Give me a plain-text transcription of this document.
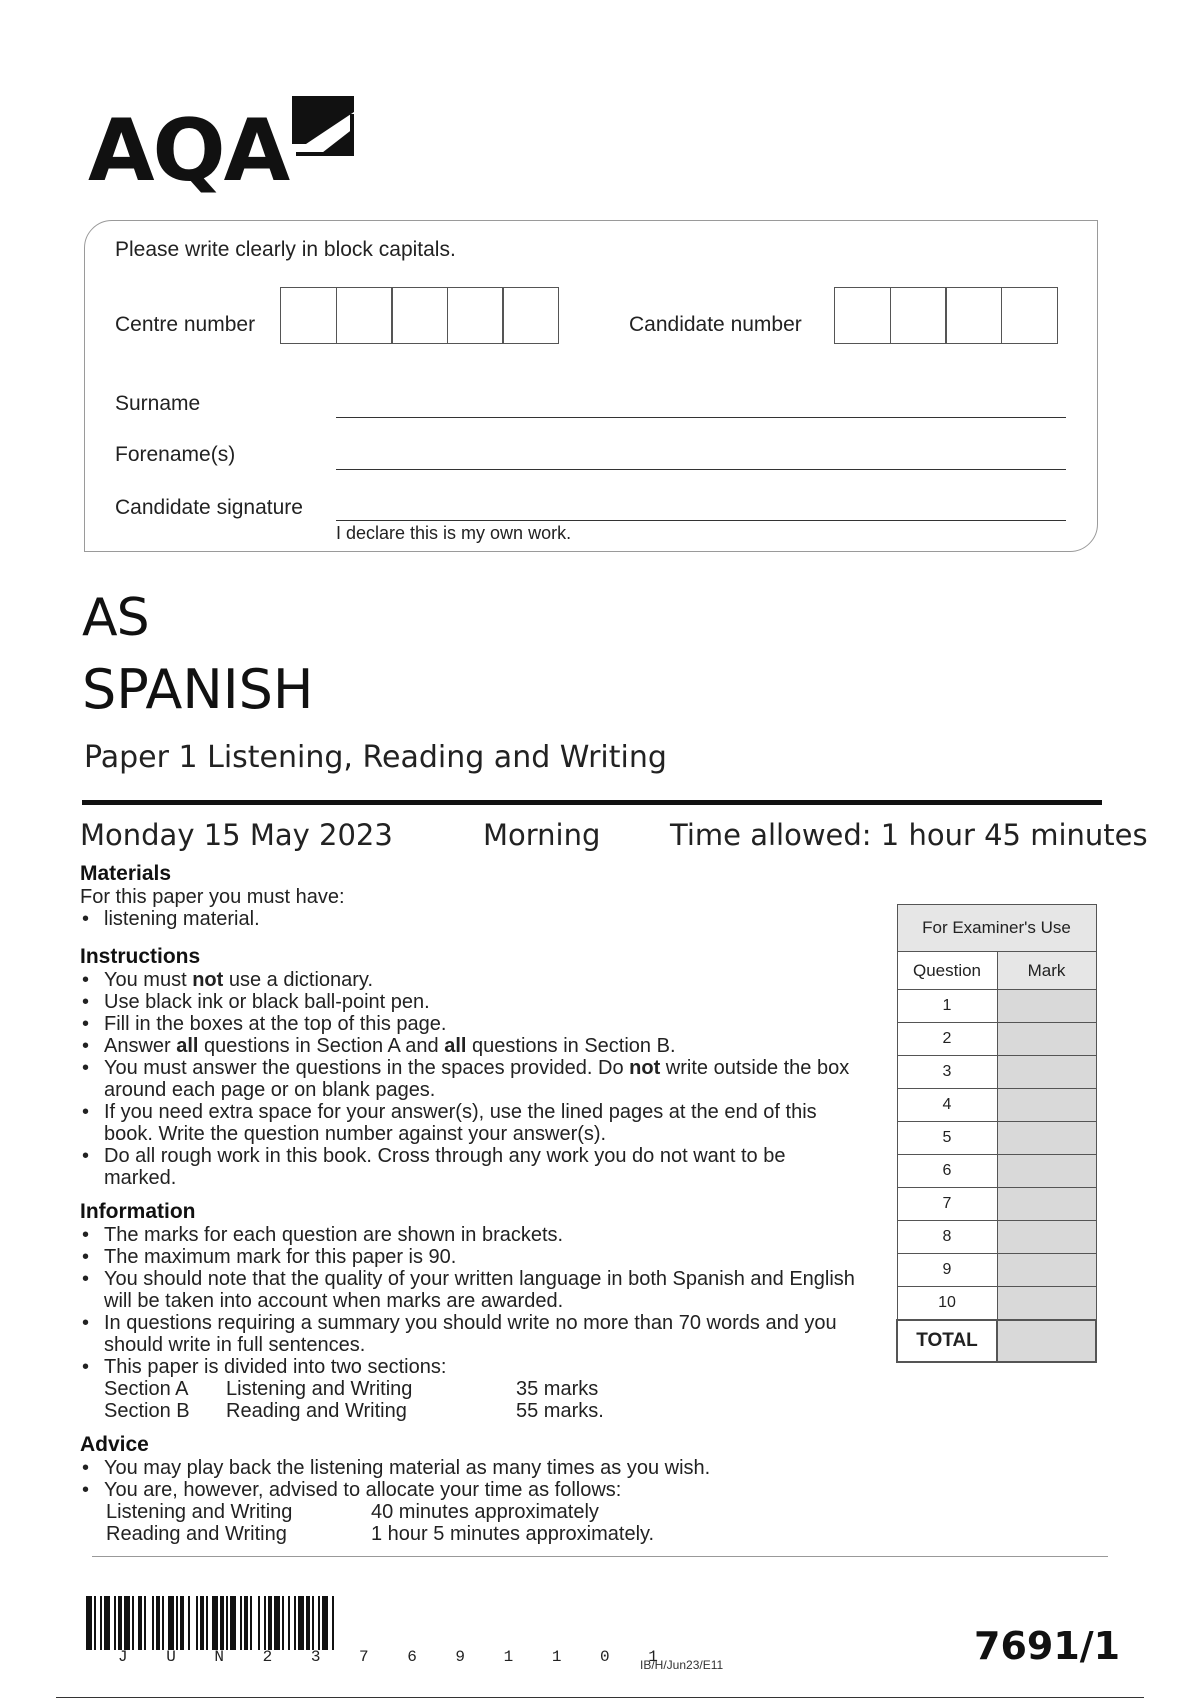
AQA
Please write clearly in block capitals.
Centre number	Candidate number
Surname
Forename(s)
Candidate signature
I declare this is my own work.
AS
SPANISH
Paper 1 Listening, Reading and Writing
Monday 15 May 2023	Morning Time allowed: 1 hour 45 minutes
Materials
For this paper you must have:
• listening material.
Instructions
• You must not use a dictionary.
• Use black ink or black ball-point pen.
• Fill in the boxes at the top of this page.
• Answer all questions in Section A and all questions in Section B.
• You must answer the questions in the spaces provided. Do not write outside the box around each page or on blank pages.
• If you need extra space for your answer(s), use the lined pages at the end of this book. Write the question number against your answer(s).
• Do all rough work in this book. Cross through any work you do not want to be marked.
Information
• The marks for each question are shown in brackets.
• The maximum mark for this paper is 90.
• You should note that the quality of your written language in both Spanish and English will be taken into account when marks are awarded.
• In questions requiring a summary you should write no more than 70 words and you should write in full sentences.
• This paper is divided into two sections:
Section A	Listening and Writing	35 marks
Section B	Reading and Writing	55 marks.
Advice
• You may play back the listening material as many times as you wish.
• You are, however, advised to allocate your time as follows:
Listening and Writing	40 minutes approximately
Reading and Writing	1 hour 5 minutes approximately.
For Examiner's Use	
Question	Mark
1	
2	
3	
4	
5	
6	
7	
8	
9	
10	
TOTAL	
J U N 2 3 7 6 9 1 1 0 1
IB/H/Jun23/E11	7691/1
